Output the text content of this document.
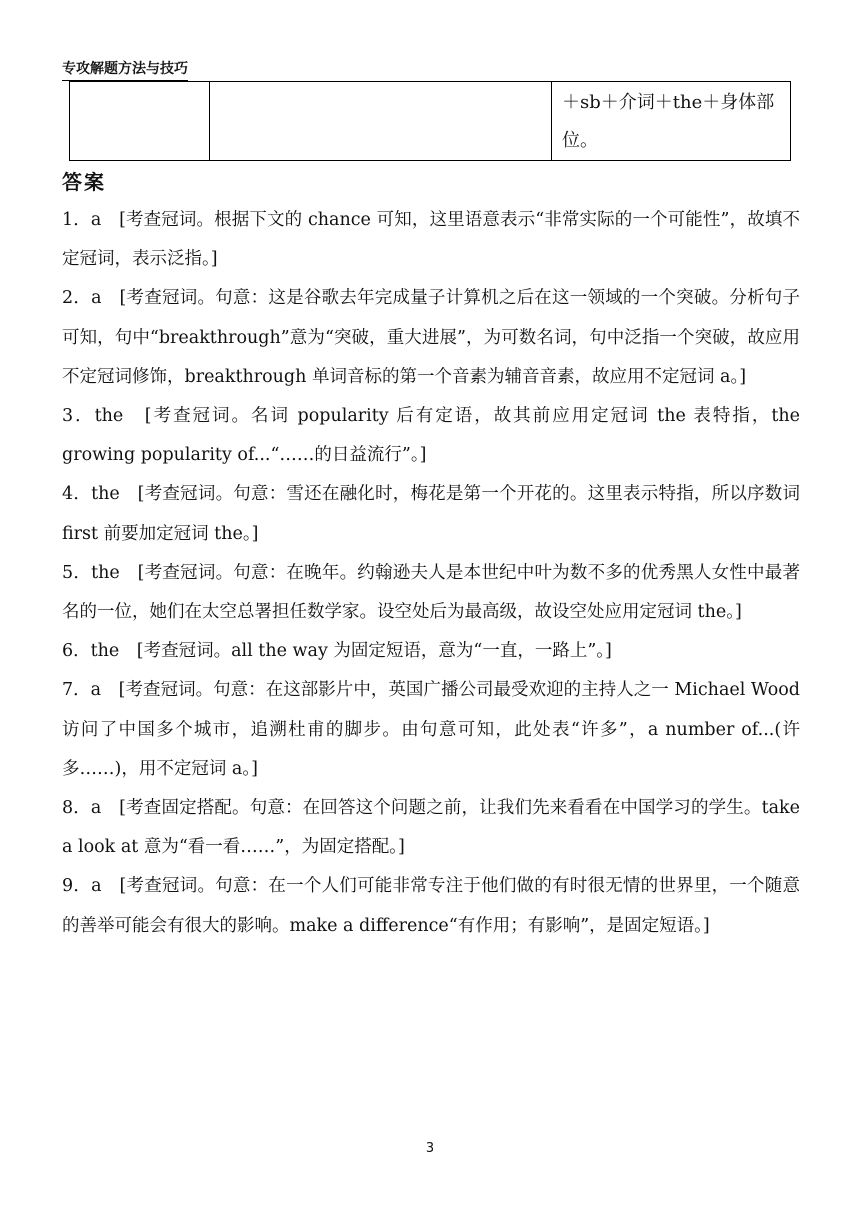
专攻解题方法与技巧
		＋sb＋介词＋the＋身体部位。
答案

1．a　[考查冠词。根据下文的 chance 可知，这里语意表示“非常实际的一个可能性”，故填不定冠词，表示泛指。]

2．a　[考查冠词。句意：这是谷歌去年完成量子计算机之后在这一领域的一个突破。分析句子可知，句中“breakthrough”意为“突破，重大进展”，为可数名词，句中泛指一个突破，故应用不定冠词修饰，breakthrough 单词音标的第一个音素为辅音音素，故应用不定冠词 a。]

3．the　[考查冠词。名词 popularity 后有定语，故其前应用定冠词 the 表特指，the growing popularity of...“……的日益流行”。]

4．the　[考查冠词。句意：雪还在融化时，梅花是第一个开花的。这里表示特指，所以序数词 first 前要加定冠词 the。]

5．the　[考查冠词。句意：在晚年。约翰逊夫人是本世纪中叶为数不多的优秀黑人女性中最著名的一位，她们在太空总署担任数学家。设空处后为最高级，故设空处应用定冠词 the。]

6．the　[考查冠词。all the way 为固定短语，意为“一直，一路上”。]

7．a　[考查冠词。句意：在这部影片中，英国广播公司最受欢迎的主持人之一 Michael Wood 访问了中国多个城市，追溯杜甫的脚步。由句意可知，此处表“许多”，a number of...(许多……)，用不定冠词 a。]

8．a　[考查固定搭配。句意：在回答这个问题之前，让我们先来看看在中国学习的学生。take a look at 意为“看一看……”，为固定搭配。]

9．a　[考查冠词。句意：在一个人们可能非常专注于他们做的有时很无情的世界里，一个随意的善举可能会有很大的影响。make a difference“有作用；有影响”，是固定短语。]

3
